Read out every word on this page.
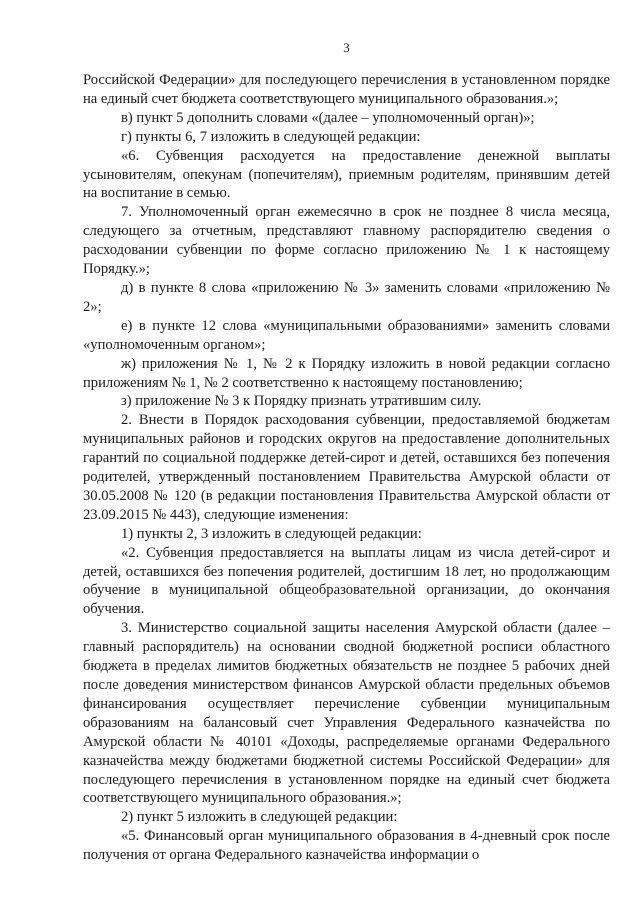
3

Российской Федерации» для последующего перечисления в установленном порядке на единый счет бюджета соответствующего муниципального образования.»;

в) пункт 5 дополнить словами «(далее – уполномоченный орган)»;

г) пункты 6, 7 изложить в следующей редакции:

«6. Субвенция расходуется на предоставление денежной выплаты усыновителям, опекунам (попечителям), приемным родителям, принявшим детей на воспитание в семью.

7. Уполномоченный орган ежемесячно в срок не позднее 8 числа месяца, следующего за отчетным, представляют главному распорядителю сведения о расходовании субвенции по форме согласно приложению № 1 к настоящему Порядку.»;

д) в пункте 8 слова «приложению № 3» заменить словами «приложению № 2»;

е) в пункте 12 слова «муниципальными образованиями» заменить словами «уполномоченным органом»;

ж) приложения № 1, № 2 к Порядку изложить в новой редакции согласно приложениям № 1, № 2 соответственно к настоящему постановлению;

з) приложение № 3 к Порядку признать утратившим силу.

2. Внести в Порядок расходования субвенции, предоставляемой бюджетам муниципальных районов и городских округов на предоставление дополнительных гарантий по социальной поддержке детей-сирот и детей, оставшихся без попечения родителей, утвержденный постановлением Правительства Амурской области от 30.05.2008 № 120 (в редакции постановления Правительства Амурской области от 23.09.2015 № 443), следующие изменения:

1) пункты 2, 3 изложить в следующей редакции:

«2. Субвенция предоставляется на выплаты лицам из числа детей-сирот и детей, оставшихся без попечения родителей, достигшим 18 лет, но продолжающим обучение в муниципальной общеобразовательной организации, до окончания обучения.

3. Министерство социальной защиты населения Амурской области (далее – главный распорядитель) на основании сводной бюджетной росписи областного бюджета в пределах лимитов бюджетных обязательств не позднее 5 рабочих дней после доведения министерством финансов Амурской области предельных объемов финансирования осуществляет перечисление субвенции муниципальным образованиям на балансовый счет Управления Федерального казначейства по Амурской области № 40101 «Доходы, распределяемые органами Федерального казначейства между бюджетами бюджетной системы Российской Федерации» для последующего перечисления в установленном порядке на единый счет бюджета соответствующего муниципального образования.»;

2) пункт 5 изложить в следующей редакции:

«5. Финансовый орган муниципального образования в 4-дневный срок после получения от органа Федерального казначейства информации о
